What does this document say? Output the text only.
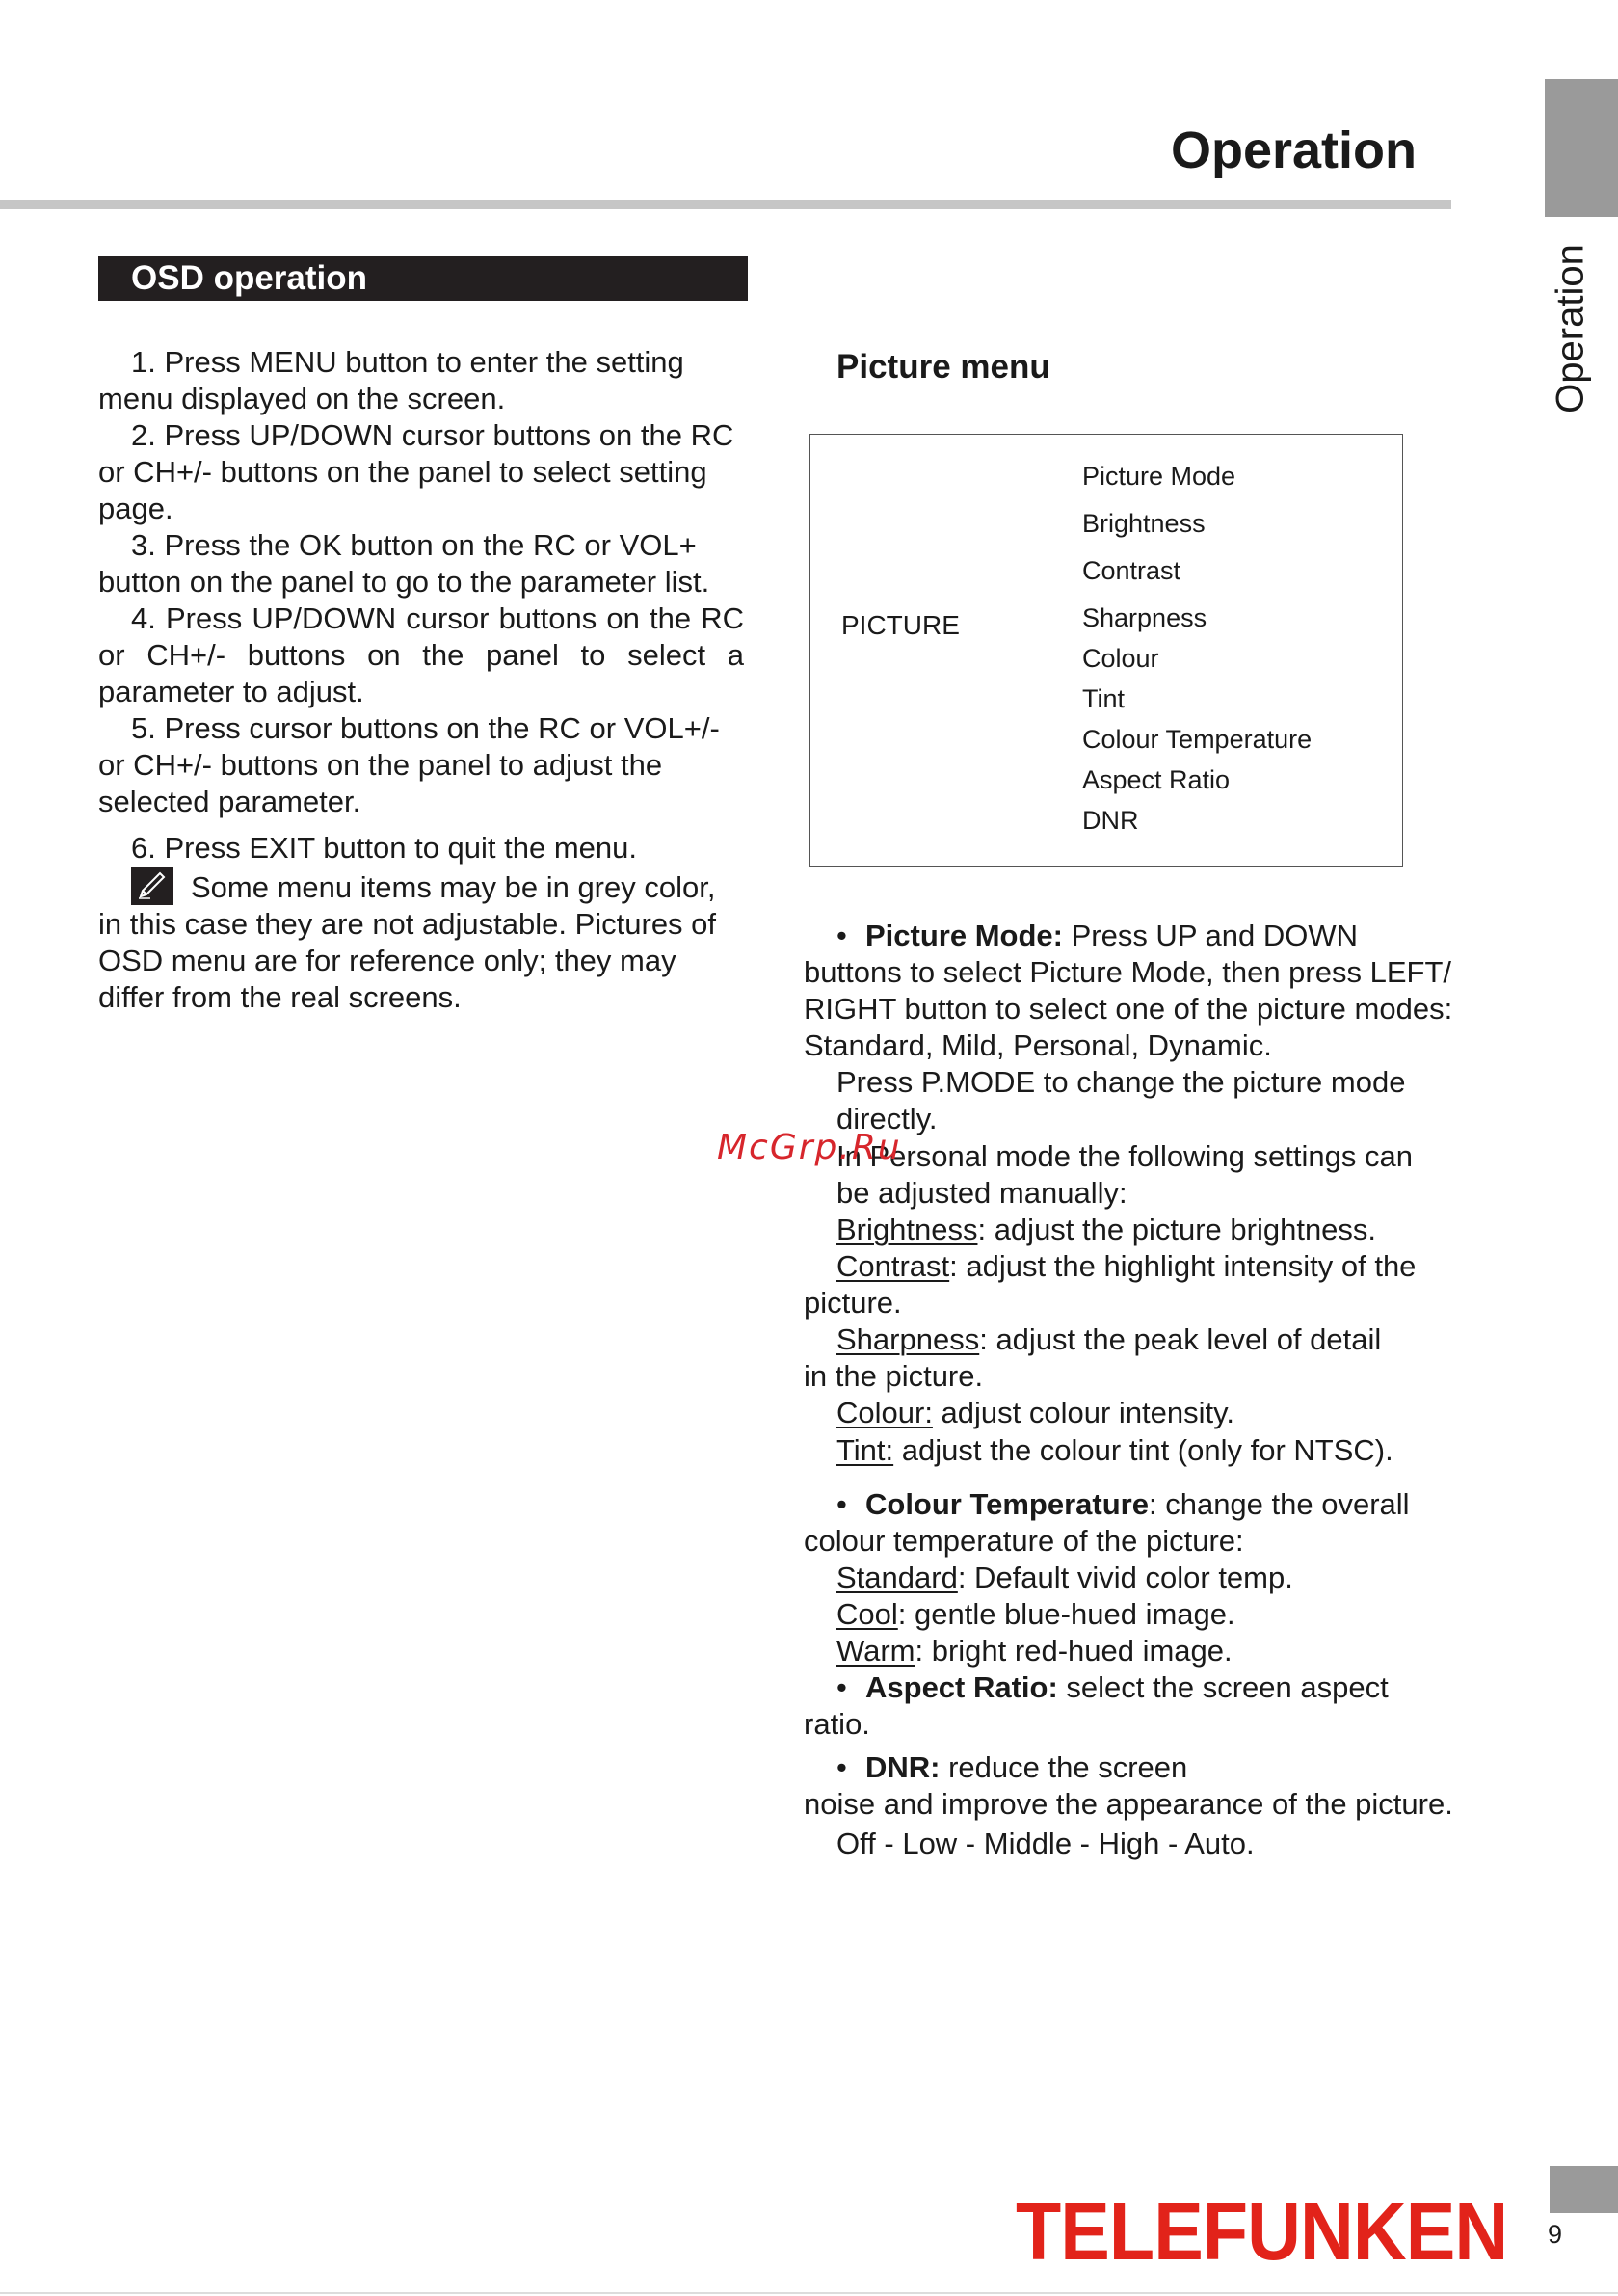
Operation
Operation
OSD operation

1. Press MENU button to enter the setting menu displayed on the screen.

2. Press UP/DOWN cursor buttons on the RC or CH+/- buttons on the panel to select setting page.

3. Press the OK button on the RC or VOL+ button on the panel to go to the parameter list.

4. Press UP/DOWN cursor buttons on the RC or CH+/- buttons on the panel to select a parameter to adjust.

5. Press cursor buttons on the RC or VOL+/- or CH+/- buttons on the panel to adjust the selected parameter.

6. Press EXIT button to quit the menu.

Some menu items may be in grey color, in this case they are not adjustable. Pictures of OSD menu are for reference only; they may differ from the real screens.

Picture menu
PICTURE
Picture Mode
Brightness
Contrast
Sharpness
Colour
Tint
Colour Temperature
Aspect Ratio
DNR
• Picture Mode: Press UP and DOWN
buttons to select Picture Mode, then press LEFT/
RIGHT button to select one of the picture modes:
Standard, Mild, Personal, Dynamic.
Press P.MODE to change the picture mode
directly.
In Personal mode the following settings can
be adjusted manually:
Brightness: adjust the picture brightness.
Contrast: adjust the highlight intensity of the
picture.
Sharpness: adjust the peak level of detail
in the picture.
Colour: adjust colour intensity.
Tint: adjust the colour tint (only for NTSC).
• Colour Temperature: change the overall
colour temperature of the picture:
Standard: Default vivid color temp.
Cool: gentle blue-hued image.
Warm: bright red-hued image.
• Aspect Ratio: select the screen aspect
ratio.
• DNR: reduce the screen
noise and improve the appearance of the picture.
Off - Low - Middle - High - Auto.
McGrp.Ru
TELEFUNKEN 9
